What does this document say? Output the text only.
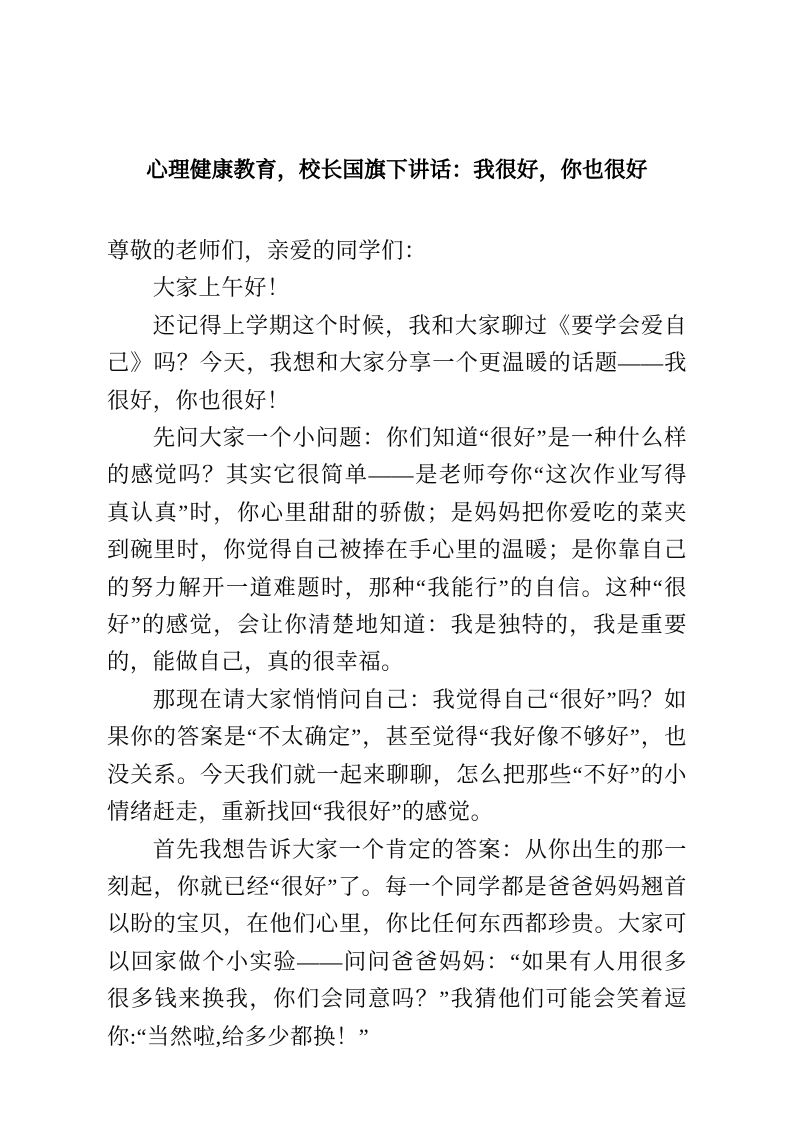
心理健康教育，校长国旗下讲话：我很好，你也很好

尊敬的老师们，亲爱的同学们：

大家上午好！

还记得上学期这个时候，我和大家聊过《要学会爱自己》吗？今天，我想和大家分享一个更温暖的话题——我很好，你也很好！

先问大家一个小问题：你们知道“很好”是一种什么样的感觉吗？其实它很简单——是老师夸你“这次作业写得真认真”时，你心里甜甜的骄傲；是妈妈把你爱吃的菜夹到碗里时，你觉得自己被捧在手心里的温暖；是你靠自己的努力解开一道难题时，那种“我能行”的自信。这种“很好”的感觉，会让你清楚地知道：我是独特的，我是重要的，能做自己，真的很幸福。

那现在请大家悄悄问自己：我觉得自己“很好”吗？如果你的答案是“不太确定”，甚至觉得“我好像不够好”，也没关系。今天我们就一起来聊聊，怎么把那些“不好”的小情绪赶走，重新找回“我很好”的感觉。

首先我想告诉大家一个肯定的答案：从你出生的那一刻起，你就已经“很好”了。每一个同学都是爸爸妈妈翘首以盼的宝贝，在他们心里，你比任何东西都珍贵。大家可以回家做个小实验——问问爸爸妈妈：“如果有人用很多很多钱来换我，你们会同意吗？”我猜他们可能会笑着逗你:“当然啦,给多少都换！”
